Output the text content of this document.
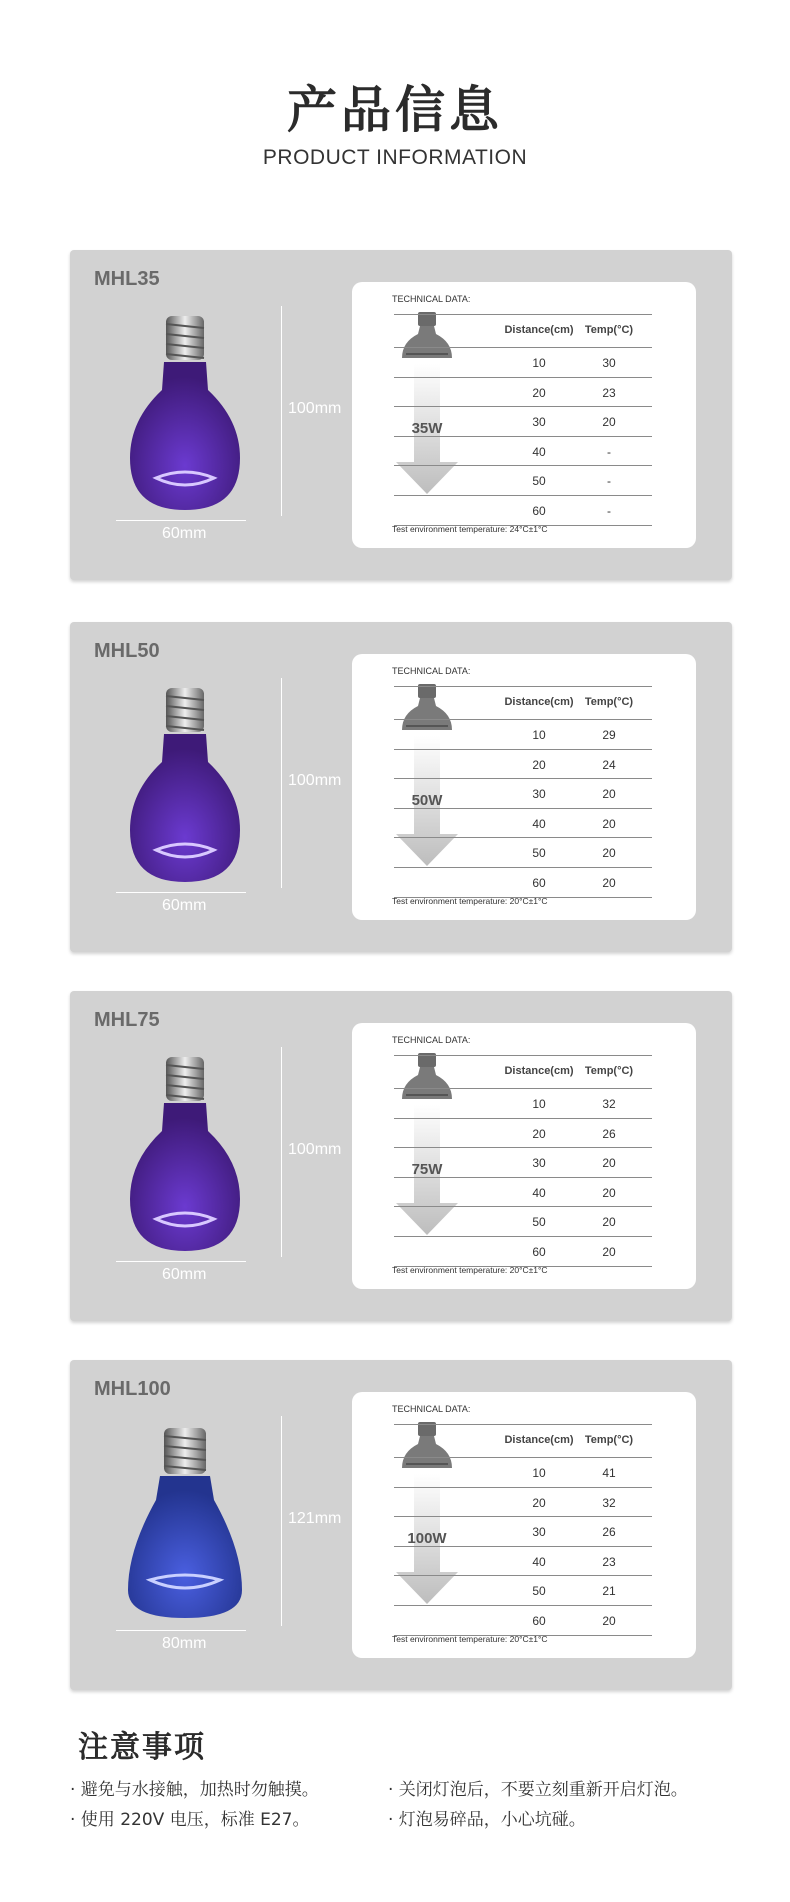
产品信息
PRODUCT INFORMATION
MHL35
100mm
60mm
TECHNICAL DATA:
35W
Distance(cm)	Temp(°C)
10	30
20	23
30	20
40	-
50	-
60	-
Test environment temperature: 24°C±1°C
MHL50
100mm
60mm
TECHNICAL DATA:
50W
Distance(cm)	Temp(°C)
10	29
20	24
30	20
40	20
50	20
60	20
Test environment temperature: 20°C±1°C
MHL75
100mm
60mm
TECHNICAL DATA:
75W
Distance(cm)	Temp(°C)
10	32
20	26
30	20
40	20
50	20
60	20
Test environment temperature: 20°C±1°C
MHL100
121mm
80mm
TECHNICAL DATA:
100W
Distance(cm)	Temp(°C)
10	41
20	32
30	26
40	23
50	21
60	20
Test environment temperature: 20°C±1°C
注意事项
· 避免与水接触，加热时勿触摸。	· 关闭灯泡后，不要立刻重新开启灯泡。
· 使用 220V 电压，标准 E27。	· 灯泡易碎品，小心坑碰。
